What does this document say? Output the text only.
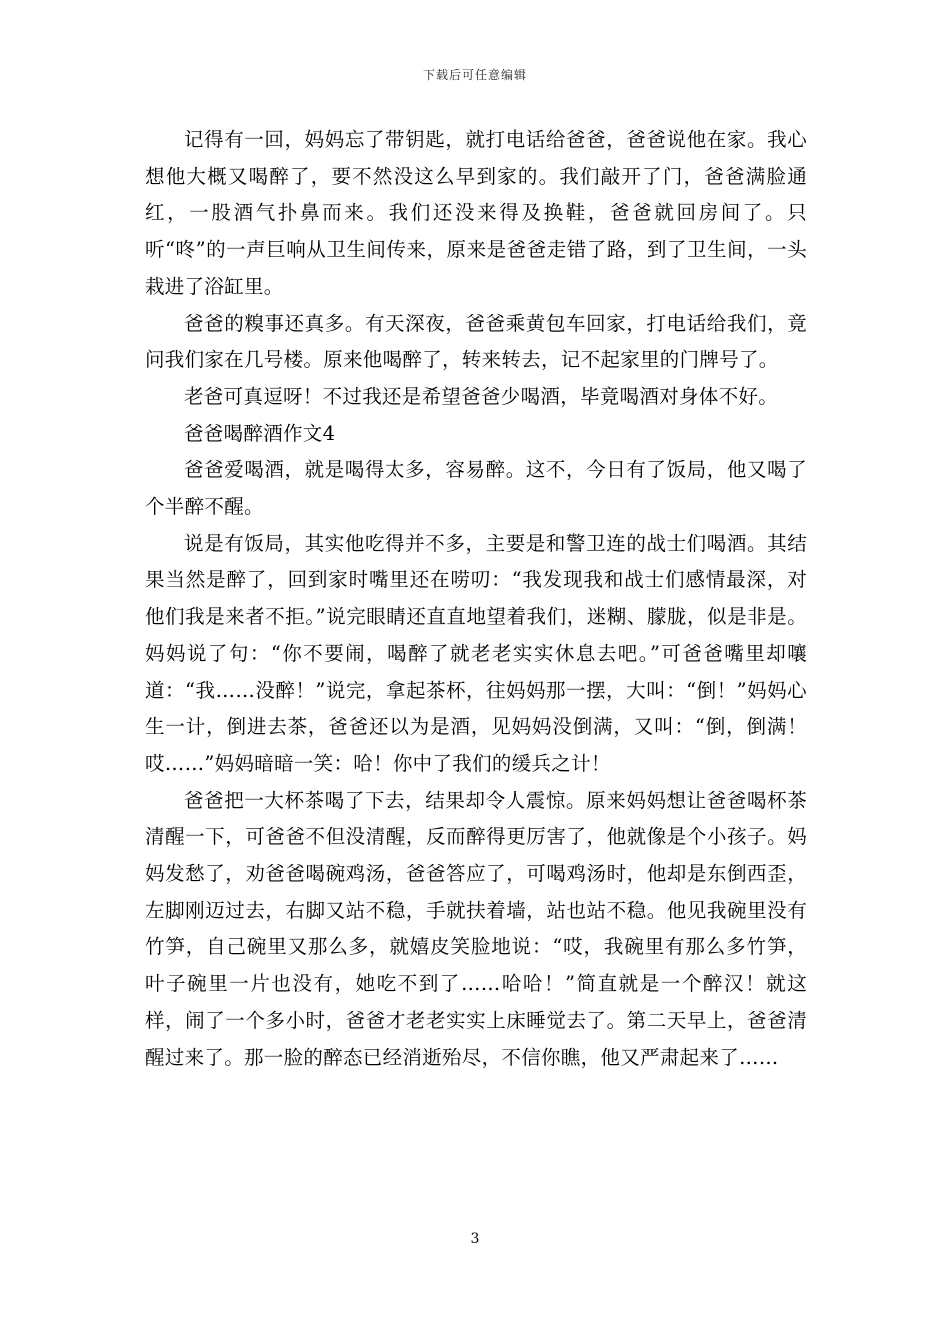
下载后可任意编辑

记得有一回，妈妈忘了带钥匙，就打电话给爸爸，爸爸说他在家。我心想他大概又喝醉了，要不然没这么早到家的。我们敲开了门，爸爸满脸通红，一股酒气扑鼻而来。我们还没来得及换鞋，爸爸就回房间了。只听“咚”的一声巨响从卫生间传来，原来是爸爸走错了路，到了卫生间，一头栽进了浴缸里。

爸爸的糗事还真多。有天深夜，爸爸乘黄包车回家，打电话给我们，竟问我们家在几号楼。原来他喝醉了，转来转去，记不起家里的门牌号了。

老爸可真逗呀！不过我还是希望爸爸少喝酒，毕竟喝酒对身体不好。

爸爸喝醉酒作文4

爸爸爱喝酒，就是喝得太多，容易醉。这不，今日有了饭局，他又喝了个半醉不醒。

说是有饭局，其实他吃得并不多，主要是和警卫连的战士们喝酒。其结果当然是醉了，回到家时嘴里还在唠叨：“我发现我和战士们感情最深，对他们我是来者不拒。”说完眼睛还直直地望着我们，迷糊、朦胧，似是非是。妈妈说了句：“你不要闹，喝醉了就老老实实休息去吧。”可爸爸嘴里却嚷道：“我……没醉！”说完，拿起茶杯，往妈妈那一摆，大叫：“倒！”妈妈心生一计，倒进去茶，爸爸还以为是酒，见妈妈没倒满，又叫：“倒，倒满！哎……”妈妈暗暗一笑：哈！你中了我们的缓兵之计！

爸爸把一大杯茶喝了下去，结果却令人震惊。原来妈妈想让爸爸喝杯茶清醒一下，可爸爸不但没清醒，反而醉得更厉害了，他就像是个小孩子。妈妈发愁了，劝爸爸喝碗鸡汤，爸爸答应了，可喝鸡汤时，他却是东倒西歪，左脚刚迈过去，右脚又站不稳，手就扶着墙，站也站不稳。他见我碗里没有竹笋，自己碗里又那么多，就嬉皮笑脸地说：“哎，我碗里有那么多竹笋，叶子碗里一片也没有，她吃不到了……哈哈！”简直就是一个醉汉！就这样，闹了一个多小时，爸爸才老老实实上床睡觉去了。第二天早上，爸爸清醒过来了。那一脸的醉态已经消逝殆尽，不信你瞧，他又严肃起来了……

3
